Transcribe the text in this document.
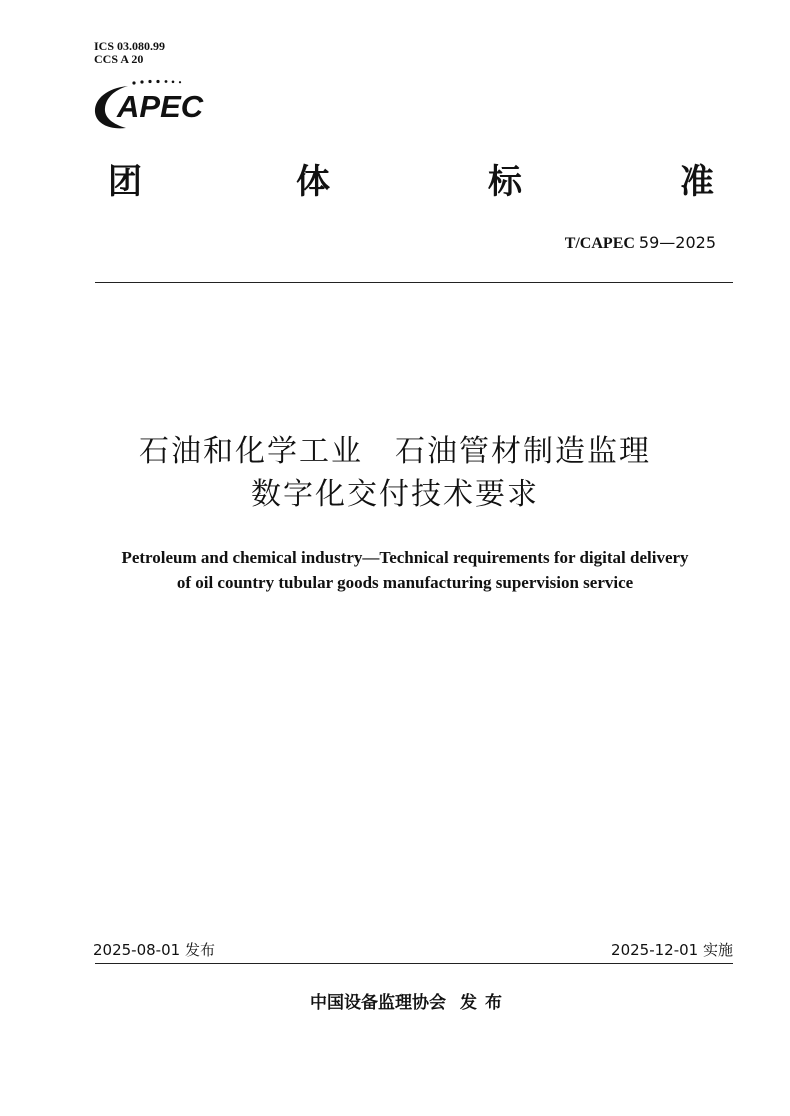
ICS 03.080.99
CCS A 20
APEC
团	体	标	准
T/CAPEC 59—2025
石油和化学工业　石油管材制造监理
数字化交付技术要求
Petroleum and chemical industry—Technical requirements for digital delivery
of oil country tubular goods manufacturing supervision service
2025-08-01 发布	2025-12-01 实施
中国设备监理协会 发布
